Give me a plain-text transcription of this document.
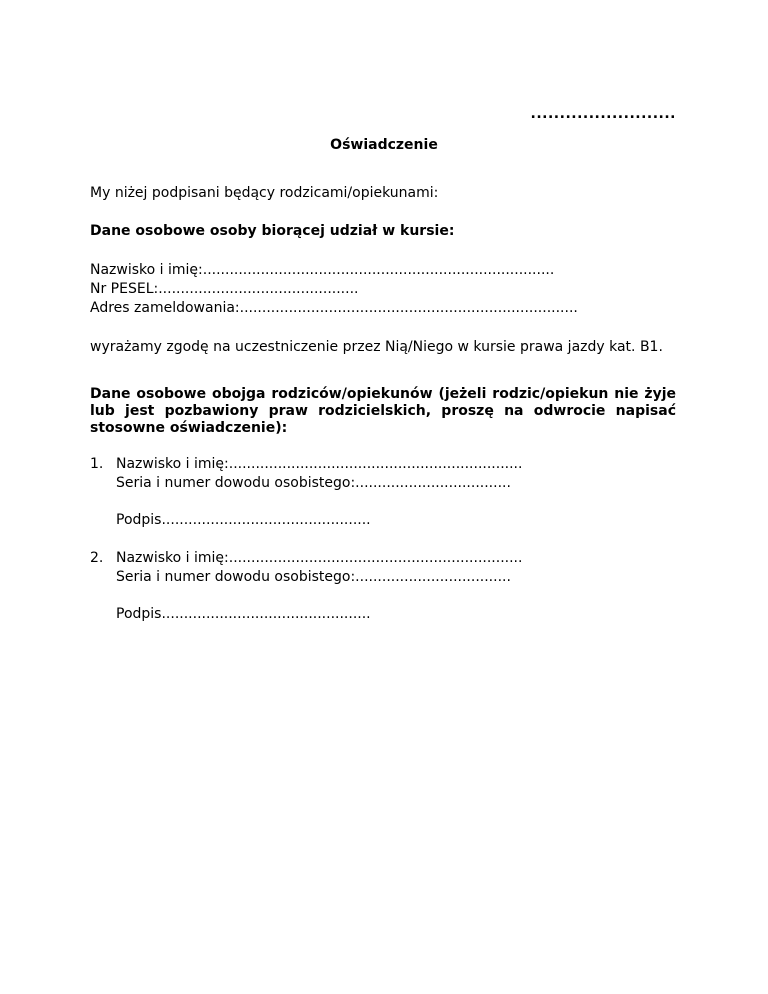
.........................
Oświadczenie
My niżej podpisani będący rodzicami/opiekunami:
Dane osobowe osoby biorącej udział w kursie:
Nazwisko i imię:...............................................................................
Nr PESEL:.............................................
Adres zameldowania:............................................................................
wyrażamy zgodę na uczestniczenie przez Nią/Niego w kursie prawa jazdy kat. B1.
Dane osobowe obojga rodziców/opiekunów (jeżeli rodzic/opiekun nie żyje
lub jest pozbawiony praw rodzicielskich, proszę na odwrocie napisać
stosowne oświadczenie):
1. Nazwisko i imię:..................................................................
Seria i numer dowodu osobistego:...................................
Podpis...............................................
2. Nazwisko i imię:..................................................................
Seria i numer dowodu osobistego:...................................
Podpis...............................................
